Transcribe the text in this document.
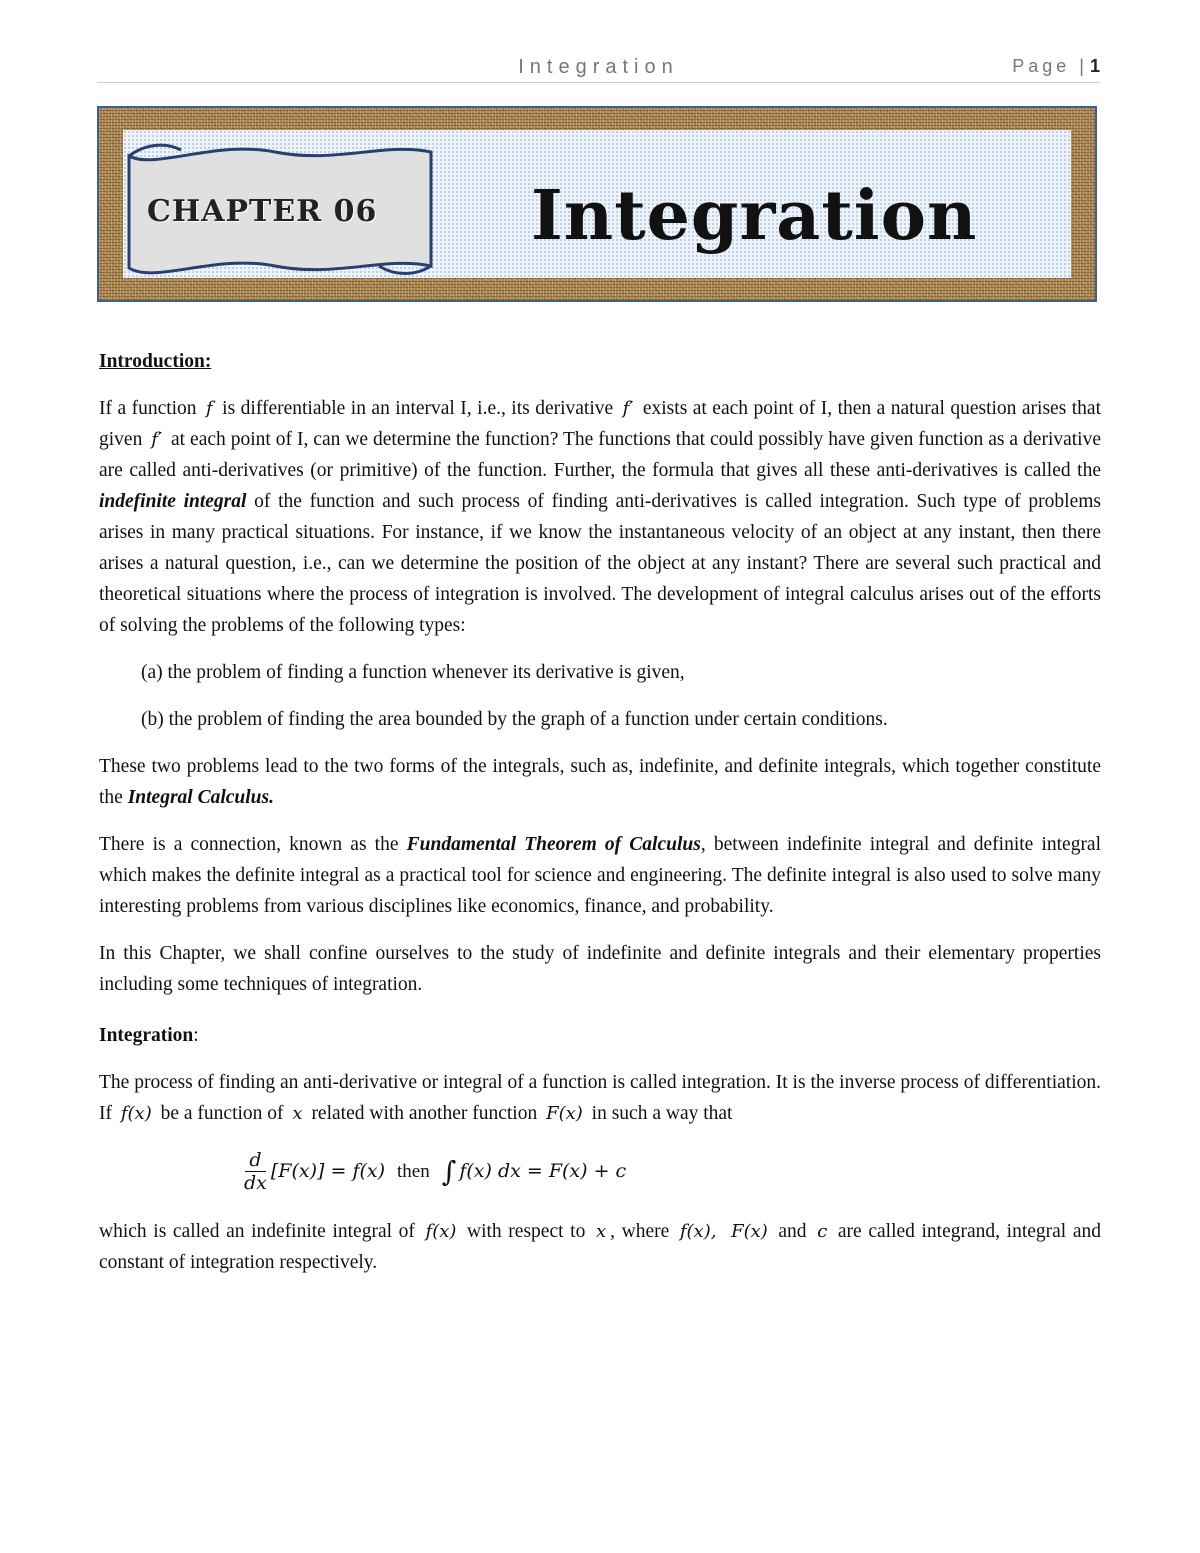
Integration	Page | 1
CHAPTER 06	Integration

Introduction:

If a function f is differentiable in an interval I, i.e., its derivative f′ exists at each point of I, then a natural question arises that given f′ at each point of I, can we determine the function? The functions that could possibly have given function as a derivative are called anti-derivatives (or primitive) of the function. Further, the formula that gives all these anti-derivatives is called the indefinite integral of the function and such process of finding anti-derivatives is called integration. Such type of problems arises in many practical situations. For instance, if we know the instantaneous velocity of an object at any instant, then there arises a natural question, i.e., can we determine the position of the object at any instant? There are several such practical and theoretical situations where the process of integration is involved. The development of integral calculus arises out of the efforts of solving the problems of the following types:

(a) the problem of finding a function whenever its derivative is given,

(b) the problem of finding the area bounded by the graph of a function under certain conditions.

These two problems lead to the two forms of the integrals, such as, indefinite, and definite integrals, which together constitute the Integral Calculus.

There is a connection, known as the Fundamental Theorem of Calculus, between indefinite integral and definite integral which makes the definite integral as a practical tool for science and engineering. The definite integral is also used to solve many interesting problems from various disciplines like economics, finance, and probability.

In this Chapter, we shall confine ourselves to the study of indefinite and definite integrals and their elementary properties including some techniques of integration.

Integration:

The process of finding an anti-derivative or integral of a function is called integration. It is the inverse process of differentiation. If f(x) be a function of x related with another function F(x) in such a way that

$\frac{d}{dx} [F(x)] = f(x)$ then ∫ f(x) dx = F(x) + c

which is called an indefinite integral of f(x) with respect to x , where f(x), F(x) and c are called integrand, integral and constant of integration respectively.
